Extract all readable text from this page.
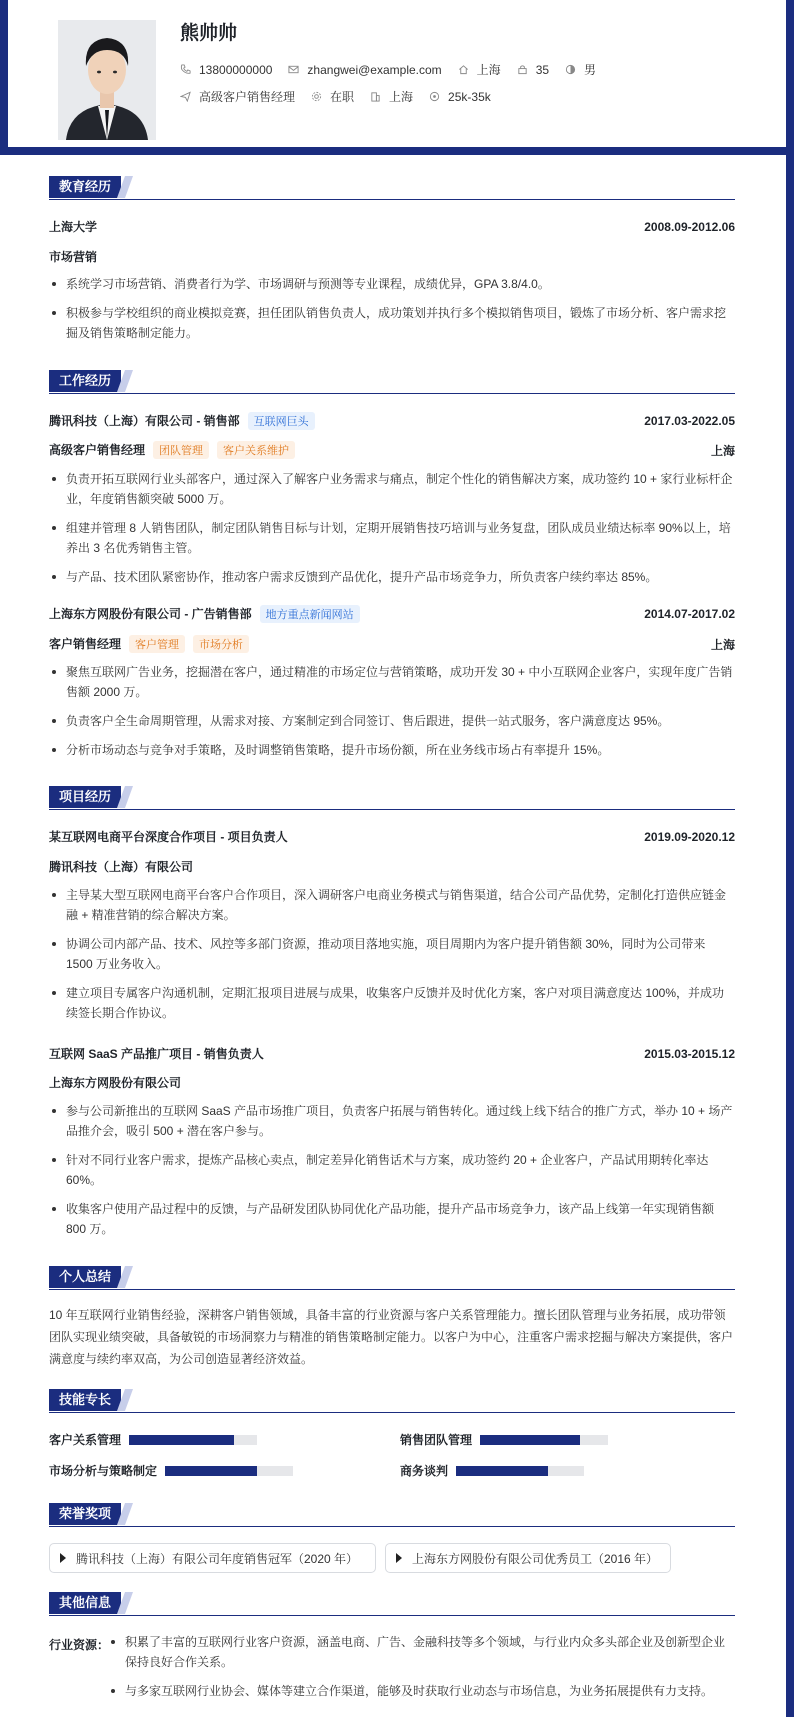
熊帅帅
13800000000	zhangwei@example.com	上海	35	男
高级客户销售经理	在职	上海	25k-35k
教育经历
上海大学	2008.09-2012.06
市场营销
系统学习市场营销、消费者行为学、市场调研与预测等专业课程，成绩优异，GPA 3.8/4.0。
积极参与学校组织的商业模拟竞赛，担任团队销售负责人，成功策划并执行多个模拟销售项目，锻炼了市场分析、客户需求挖掘及销售策略制定能力。
工作经历
腾讯科技（上海）有限公司 - 销售部 互联网巨头	2017.03-2022.05
高级客户销售经理 团队管理 客户关系维护	上海
负责开拓互联网行业头部客户，通过深入了解客户业务需求与痛点，制定个性化的销售解决方案，成功签约 10 + 家行业标杆企业，年度销售额突破 5000 万。
组建并管理 8 人销售团队，制定团队销售目标与计划，定期开展销售技巧培训与业务复盘，团队成员业绩达标率 90%以上，培养出 3 名优秀销售主管。
与产品、技术团队紧密协作，推动客户需求反馈到产品优化，提升产品市场竞争力，所负责客户续约率达 85%。
上海东方网股份有限公司 - 广告销售部 地方重点新闻网站	2014.07-2017.02
客户销售经理 客户管理 市场分析	上海
聚焦互联网广告业务，挖掘潜在客户，通过精准的市场定位与营销策略，成功开发 30 + 中小互联网企业客户，实现年度广告销售额 2000 万。
负责客户全生命周期管理，从需求对接、方案制定到合同签订、售后跟进，提供一站式服务，客户满意度达 95%。
分析市场动态与竞争对手策略，及时调整销售策略，提升市场份额，所在业务线市场占有率提升 15%。
项目经历
某互联网电商平台深度合作项目 - 项目负责人	2019.09-2020.12
腾讯科技（上海）有限公司
主导某大型互联网电商平台客户合作项目，深入调研客户电商业务模式与销售渠道，结合公司产品优势，定制化打造供应链金融 + 精准营销的综合解决方案。
协调公司内部产品、技术、风控等多部门资源，推动项目落地实施，项目周期内为客户提升销售额 30%，同时为公司带来 1500 万业务收入。
建立项目专属客户沟通机制，定期汇报项目进展与成果，收集客户反馈并及时优化方案，客户对项目满意度达 100%，并成功续签长期合作协议。
互联网 SaaS 产品推广项目 - 销售负责人	2015.03-2015.12
上海东方网股份有限公司
参与公司新推出的互联网 SaaS 产品市场推广项目，负责客户拓展与销售转化。通过线上线下结合的推广方式，举办 10 + 场产品推介会，吸引 500 + 潜在客户参与。
针对不同行业客户需求，提炼产品核心卖点，制定差异化销售话术与方案，成功签约 20 + 企业客户，产品试用期转化率达 60%。
收集客户使用产品过程中的反馈，与产品研发团队协同优化产品功能，提升产品市场竞争力，该产品上线第一年实现销售额 800 万。
个人总结

10 年互联网行业销售经验，深耕客户销售领域，具备丰富的行业资源与客户关系管理能力。擅长团队管理与业务拓展，成功带领团队实现业绩突破，具备敏锐的市场洞察力与精准的销售策略制定能力。以客户为中心，注重客户需求挖掘与解决方案提供，客户满意度与续约率双高，为公司创造显著经济效益。

技能专长
客户关系管理	销售团队管理
市场分析与策略制定	商务谈判
荣誉奖项
腾讯科技（上海）有限公司年度销售冠军（2020 年）	上海东方网股份有限公司优秀员工（2016 年）
其他信息
行业资源：	积累了丰富的互联网行业客户资源，涵盖电商、广告、金融科技等多个领域，与行业内众多头部企业及创新型企业保持良好合作关系。
与多家互联网行业协会、媒体等建立合作渠道，能够及时获取行业动态与市场信息，为业务拓展提供有力支持。
